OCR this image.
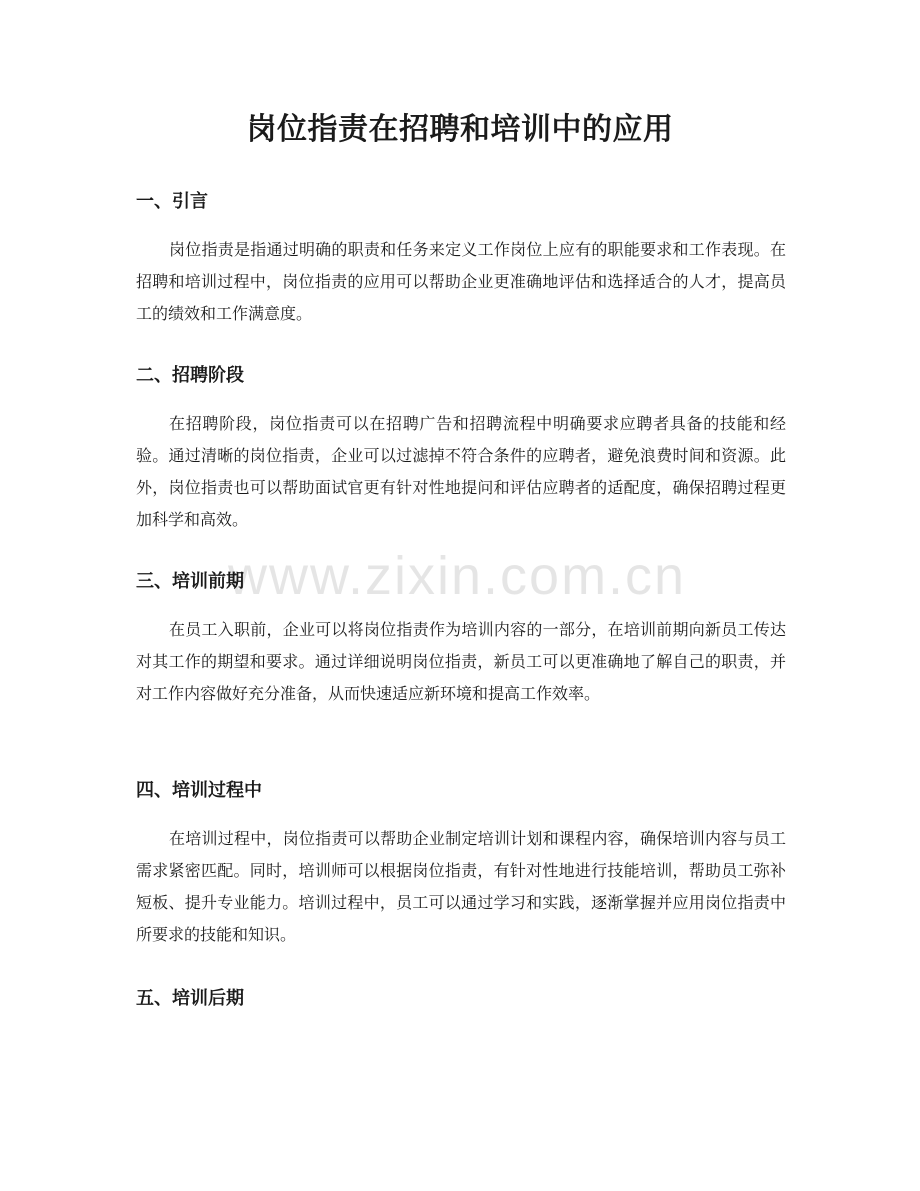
岗位指责在招聘和培训中的应用
一、引言

岗位指责是指通过明确的职责和任务来定义工作岗位上应有的职能要求和工作表现。在招聘和培训过程中，岗位指责的应用可以帮助企业更准确地评估和选择适合的人才，提高员工的绩效和工作满意度。

二、招聘阶段

在招聘阶段，岗位指责可以在招聘广告和招聘流程中明确要求应聘者具备的技能和经验。通过清晰的岗位指责，企业可以过滤掉不符合条件的应聘者，避免浪费时间和资源。此外，岗位指责也可以帮助面试官更有针对性地提问和评估应聘者的适配度，确保招聘过程更加科学和高效。

三、培训前期

在员工入职前，企业可以将岗位指责作为培训内容的一部分，在培训前期向新员工传达对其工作的期望和要求。通过详细说明岗位指责，新员工可以更准确地了解自己的职责，并对工作内容做好充分准备，从而快速适应新环境和提高工作效率。

四、培训过程中

在培训过程中，岗位指责可以帮助企业制定培训计划和课程内容，确保培训内容与员工需求紧密匹配。同时，培训师可以根据岗位指责，有针对性地进行技能培训，帮助员工弥补短板、提升专业能力。培训过程中，员工可以通过学习和实践，逐渐掌握并应用岗位指责中所要求的技能和知识。

五、培训后期
www.zixin.com.cn
